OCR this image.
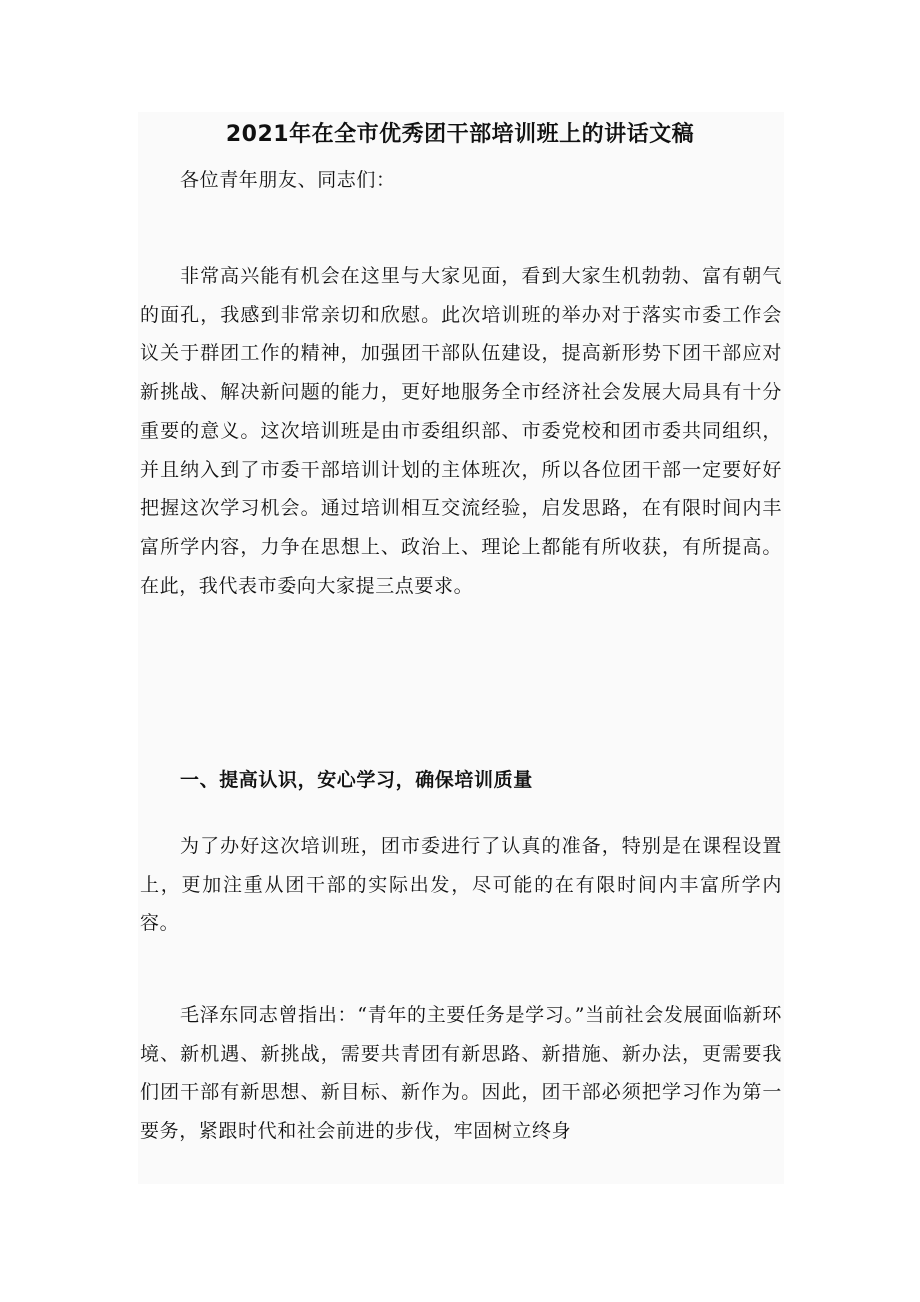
2021年在全市优秀团干部培训班上的讲话文稿

各位青年朋友、同志们：

非常高兴能有机会在这里与大家见面，看到大家生机勃勃、富有朝气的面孔，我感到非常亲切和欣慰。此次培训班的举办对于落实市委工作会议关于群团工作的精神，加强团干部队伍建设，提高新形势下团干部应对新挑战、解决新问题的能力，更好地服务全市经济社会发展大局具有十分重要的意义。这次培训班是由市委组织部、市委党校和团市委共同组织，并且纳入到了市委干部培训计划的主体班次，所以各位团干部一定要好好把握这次学习机会。通过培训相互交流经验，启发思路，在有限时间内丰富所学内容，力争在思想上、政治上、理论上都能有所收获，有所提高。在此，我代表市委向大家提三点要求。

一、提高认识，安心学习，确保培训质量

为了办好这次培训班，团市委进行了认真的准备，特别是在课程设置上，更加注重从团干部的实际出发，尽可能的在有限时间内丰富所学内容。

毛泽东同志曾指出：“青年的主要任务是学习。”当前社会发展面临新环境、新机遇、新挑战，需要共青团有新思路、新措施、新办法，更需要我们团干部有新思想、新目标、新作为。因此，团干部必须把学习作为第一要务，紧跟时代和社会前进的步伐，牢固树立终身
